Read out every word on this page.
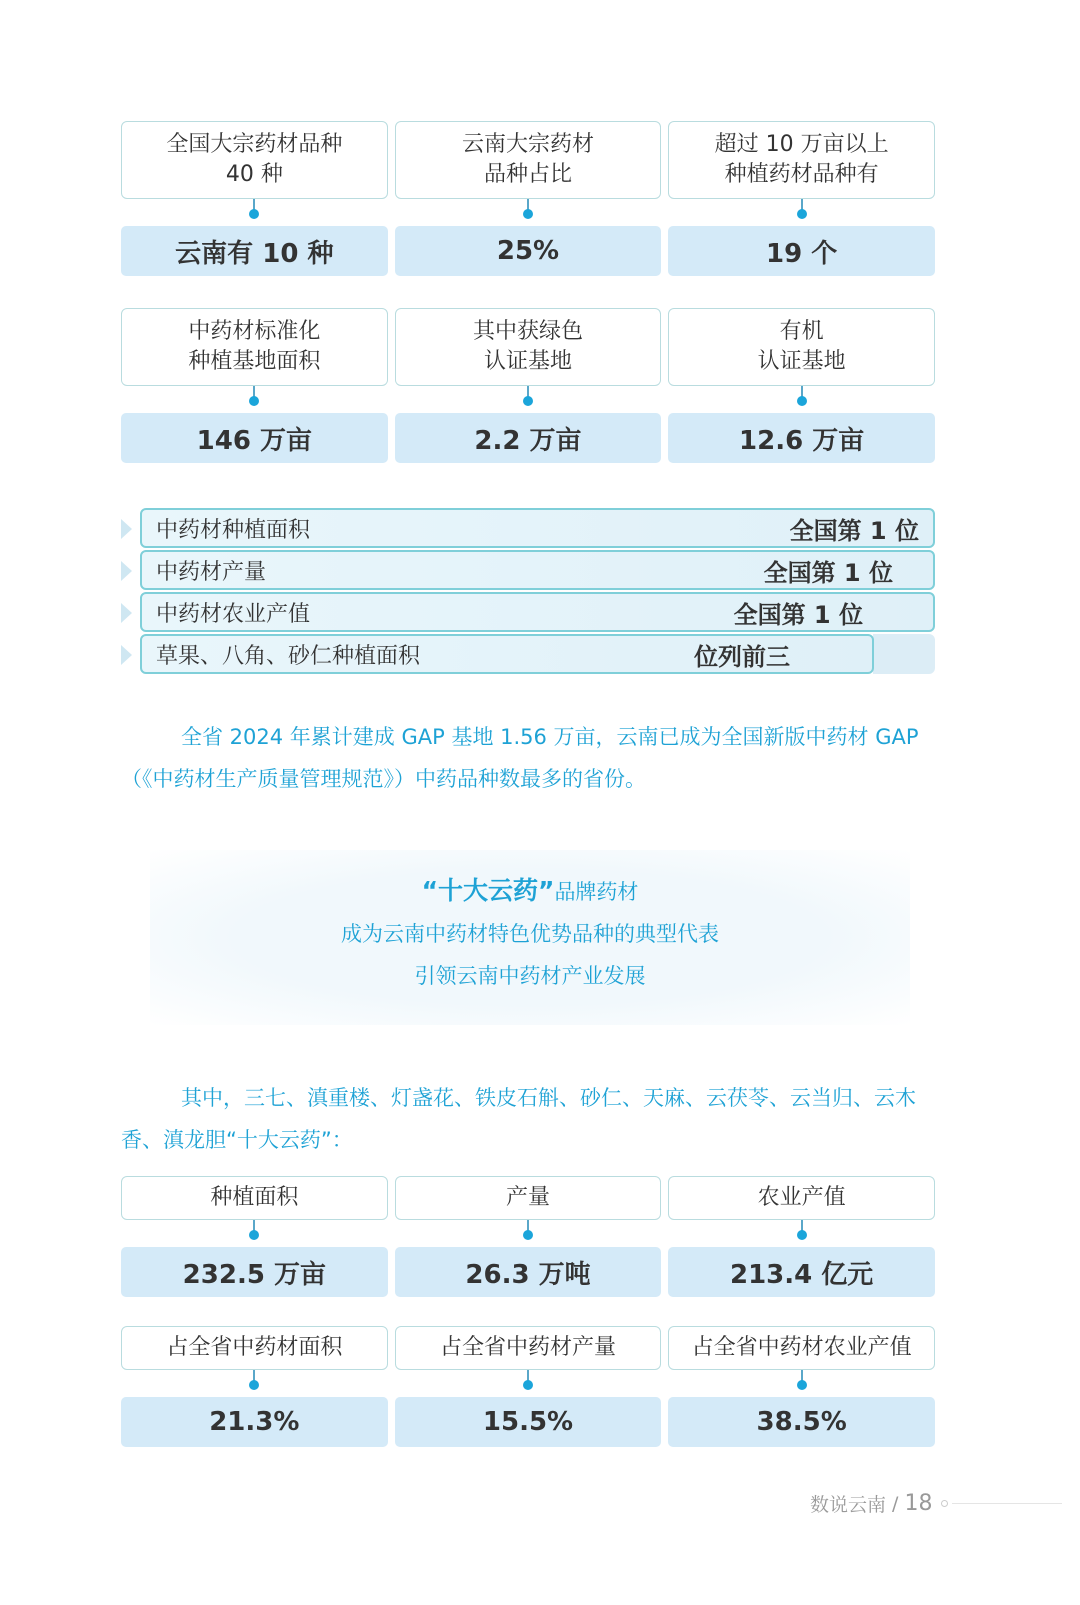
全国大宗药材品种
40 种
云南有 10 种
云南大宗药材
品种占比
25%
超过 10 万亩以上
种植药材品种有
19 个
中药材标准化
种植基地面积
146 万亩
其中获绿色
认证基地
2.2 万亩
有机
认证基地
12.6 万亩
中药材种植面积	全国第 1 位
中药材产量	全国第 1 位
中药材农业产值	全国第 1 位
草果、八角、砂仁种植面积	位列前三

全省 2024 年累计建成 GAP 基地 1.56 万亩，云南已成为全国新版中药材 GAP（《中药材生产质量管理规范》）中药品种数最多的省份。

“十大云药”品牌药材
成为云南中药材特色优势品种的典型代表
引领云南中药材产业发展

其中，三七、滇重楼、灯盏花、铁皮石斛、砂仁、天麻、云茯苓、云当归、云木香、滇龙胆“十大云药”：

种植面积
232.5 万亩
产量
26.3 万吨
农业产值
213.4 亿元
占全省中药材面积
21.3%
占全省中药材产量
15.5%
占全省中药材农业产值
38.5%
数说云南 / 18
